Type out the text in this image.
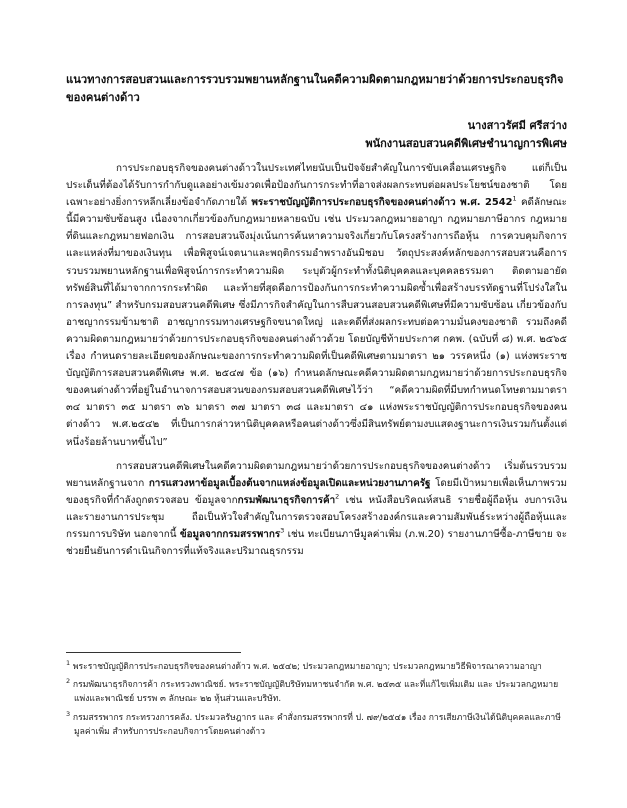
แนวทางการสอบสวนและการรวบรวมพยานหลักฐานในคดีความผิดตามกฎหมายว่าด้วยการประกอบธุรกิจของคนต่างด้าว
นางสาวรัศมี ศรีสว่าง
พนักงานสอบสวนคดีพิเศษชำนาญการพิเศษ

การประกอบธุรกิจของคนต่างด้าวในประเทศไทยนับเป็นปัจจัยสำคัญในการขับเคลื่อนเศรษฐกิจ แต่ก็เป็นประเด็นที่ต้องได้รับการกำกับดูแลอย่างเข้มงวดเพื่อป้องกันการกระทำที่อาจส่งผลกระทบต่อผลประโยชน์ของชาติ โดยเฉพาะอย่างยิ่งการหลีกเลี่ยงข้อจำกัดภายใต้ พระราชบัญญัติการประกอบธุรกิจของคนต่างด้าว พ.ศ. 2542$^1$ คดีลักษณะนี้มีความซับซ้อนสูง เนื่องจากเกี่ยวข้องกับกฎหมายหลายฉบับ เช่น ประมวลกฎหมายอาญา กฎหมายภาษีอากร กฎหมายที่ดินและกฎหมายฟอกเงิน การสอบสวนจึงมุ่งเน้นการค้นหาความจริงเกี่ยวกับโครงสร้างการถือหุ้น การควบคุมกิจการ และแหล่งที่มาของเงินทุน เพื่อพิสูจน์เจตนาและพฤติกรรมอำพรางอันมิชอบ วัตถุประสงค์หลักของการสอบสวนคือการรวบรวมพยานหลักฐานเพื่อพิสูจน์การกระทำความผิด ระบุตัวผู้กระทำทั้งนิติบุคคลและบุคคลธรรมดา ติดตามอายัดทรัพย์สินที่ได้มาจากการกระทำผิด และท้ายที่สุดคือการป้องกันการกระทำความผิดซ้ำเพื่อสร้างบรรทัดฐานที่โปร่งใสในการลงทุน” สำหรับกรมสอบสวนคดีพิเศษ ซึ่งมีภารกิจสำคัญในการสืบสวนสอบสวนคดีพิเศษที่มีความซับซ้อน เกี่ยวข้องกับอาชญากรรมข้ามชาติ อาชญากรรมทางเศรษฐกิจขนาดใหญ่ และคดีที่ส่งผลกระทบต่อความมั่นคงของชาติ รวมถึงคดีความผิดตามกฎหมายว่าด้วยการประกอบธุรกิจของคนต่างด้าวด้วย โดยบัญชีท้ายประกาศ กคพ. (ฉบับที่ ๘) พ.ศ. ๒๕๖๕ เรื่อง กำหนดรายละเอียดของลักษณะของการกระทำความผิดที่เป็นคดีพิเศษตามมาตรา ๒๑ วรรคหนึ่ง (๑) แห่งพระราชบัญญัติการสอบสวนคดีพิเศษ พ.ศ. ๒๕๔๗ ข้อ (๑๖) กำหนดลักษณะคดีความผิดตามกฎหมายว่าด้วยการประกอบธุรกิจของคนต่างด้าวที่อยู่ในอำนาจการสอบสวนของกรมสอบสวนคดีพิเศษไว้ว่า “คดีความผิดที่มีบทกำหนดโทษตามมาตรา ๓๔ มาตรา ๓๕ มาตรา ๓๖ มาตรา ๓๗ มาตรา ๓๘ และมาตรา ๔๑ แห่งพระราชบัญญัติการประกอบธุรกิจของคนต่างด้าว พ.ศ.๒๕๔๒ ที่เป็นการกล่าวหานิติบุคคลหรือคนต่างด้าวซึ่งมีสินทรัพย์ตามงบแสดงฐานะการเงินรวมกันตั้งแต่หนึ่งร้อยล้านบาทขึ้นไป”

การสอบสวนคดีพิเศษในคดีความผิดตามกฎหมายว่าด้วยการประกอบธุรกิจของคนต่างด้าว เริ่มต้นรวบรวมพยานหลักฐานจาก การแสวงหาข้อมูลเบื้องต้นจากแหล่งข้อมูลเปิดและหน่วยงานภาครัฐ โดยมีเป้าหมายเพื่อเห็นภาพรวมของธุรกิจที่กำลังถูกตรวจสอบ ข้อมูลจากกรมพัฒนาธุรกิจการค้า$^2$ เช่น หนังสือบริคณห์สนธิ รายชื่อผู้ถือหุ้น งบการเงิน และรายงานการประชุม ถือเป็นหัวใจสำคัญในการตรวจสอบโครงสร้างองค์กรและความสัมพันธ์ระหว่างผู้ถือหุ้นและกรรมการบริษัท นอกจากนี้ ข้อมูลจากกรมสรรพากร$^3$ เช่น ทะเบียนภาษีมูลค่าเพิ่ม (ภ.พ.20) รายงานภาษีซื้อ-ภาษีขาย จะช่วยยืนยันการดำเนินกิจการที่แท้จริงและปริมาณธุรกรรม

$^1$ พระราชบัญญัติการประกอบธุรกิจของคนต่างด้าว พ.ศ. ๒๕๔๒; ประมวลกฎหมายอาญา; ประมวลกฎหมายวิธีพิจารณาความอาญา

$^2$ กรมพัฒนาธุรกิจการค้า กระทรวงพาณิชย์. พระราชบัญญัติบริษัทมหาชนจำกัด พ.ศ. ๒๕๓๕ และที่แก้ไขเพิ่มเติม และ ประมวลกฎหมายแพ่งและพาณิชย์ บรรพ ๓ ลักษณะ ๒๒ หุ้นส่วนและบริษัท.

$^3$ กรมสรรพากร กระทรวงการคลัง. ประมวลรัษฎากร และ คำสั่งกรมสรรพากรที่ ป. ๗๙/๒๕๔๑ เรื่อง การเสียภาษีเงินได้นิติบุคคลและภาษีมูลค่าเพิ่ม สำหรับการประกอบกิจการโดยคนต่างด้าว
